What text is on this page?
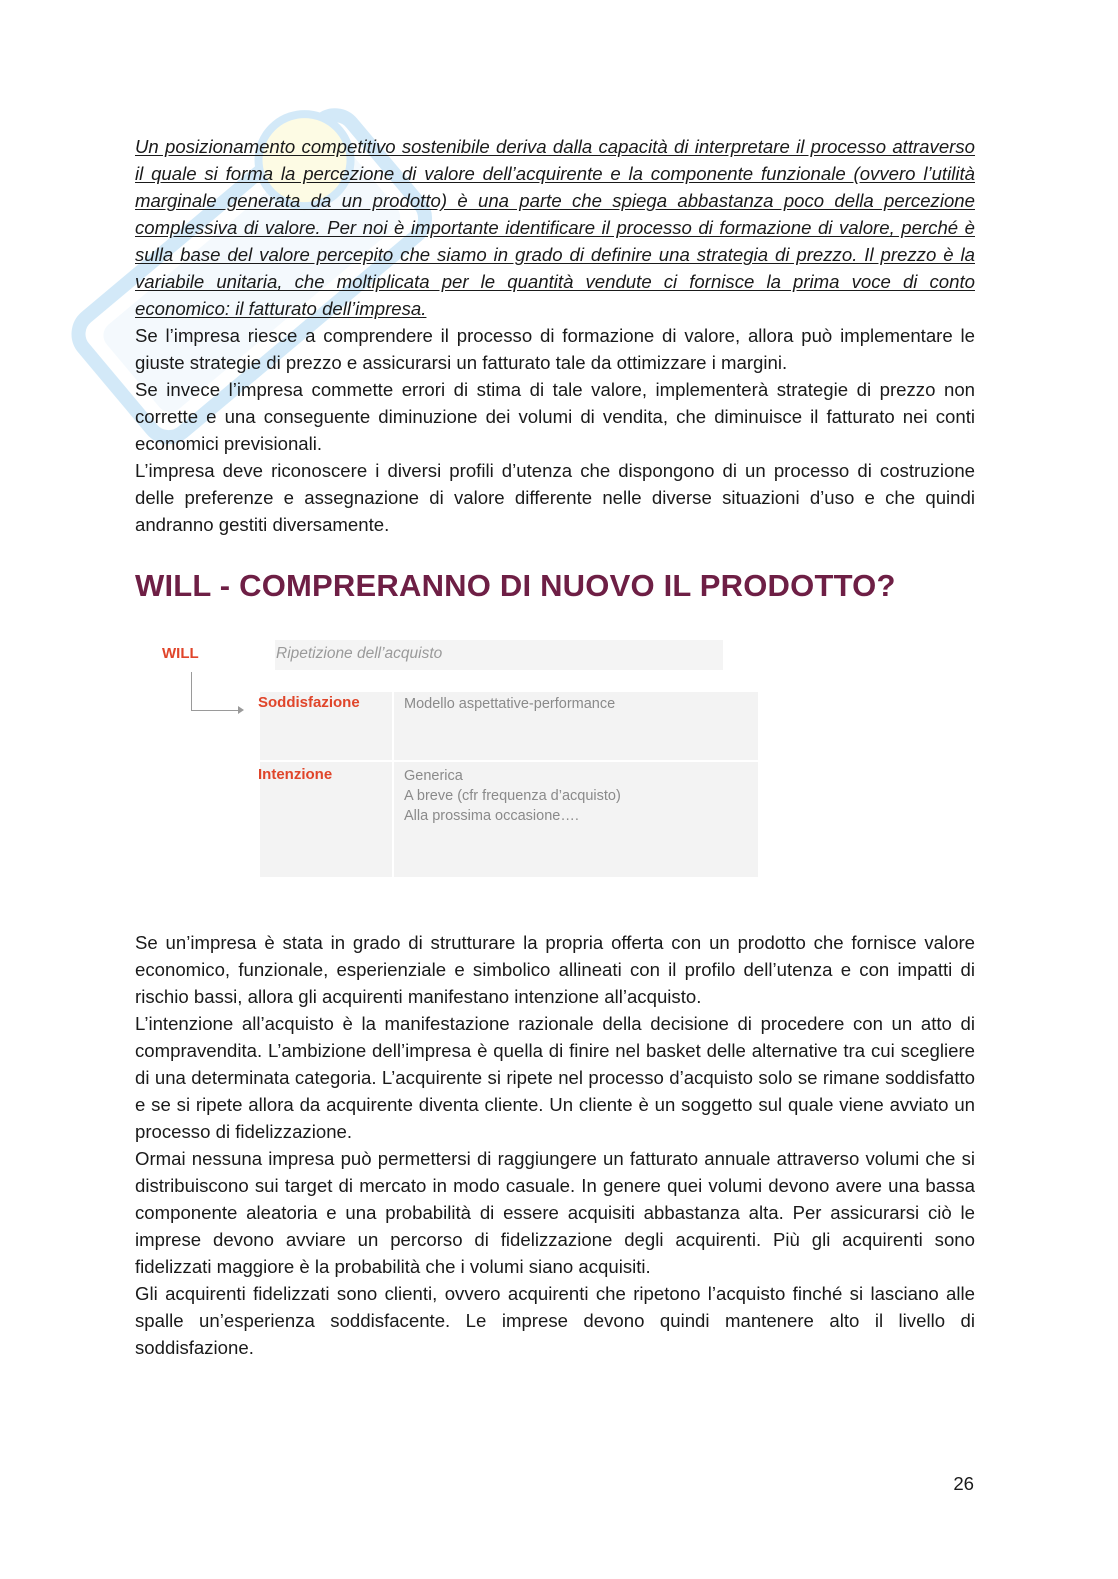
Un posizionamento competitivo sostenibile deriva dalla capacità di interpretare il processo attraverso il quale si forma la percezione di valore dell’acquirente e la componente funzionale (ovvero l’utilità marginale generata da un prodotto) è una parte che spiega abbastanza poco della percezione complessiva di valore. Per noi è importante identificare il processo di formazione di valore, perché è sulla base del valore percepito che siamo in grado di definire una strategia di prezzo. Il prezzo è la variabile unitaria, che moltiplicata per le quantità vendute ci fornisce la prima voce di conto economico: il fatturato dell’impresa.

Se l’impresa riesce a comprendere il processo di formazione di valore, allora può implementare le giuste strategie di prezzo e assicurarsi un fatturato tale da ottimizzare i margini.

Se invece l’impresa commette errori di stima di tale valore, implementerà strategie di prezzo non corrette e una conseguente diminuzione dei volumi di vendita, che diminuisce il fatturato nei conti economici previsionali.

L’impresa deve riconoscere i diversi profili d’utenza che dispongono di un processo di costruzione delle preferenze e assegnazione di valore differente nelle diverse situazioni d’uso e che quindi andranno gestiti diversamente.

WILL - COMPRERANNO DI NUOVO IL PRODOTTO?
WILL	Ripetizione dell’acquisto
Soddisfazione	Modello aspettative-performance
Intenzione	Generica
A breve (cfr frequenza d’acquisto)
Alla prossima occasione….

Se un’impresa è stata in grado di strutturare la propria offerta con un prodotto che fornisce valore economico, funzionale, esperienziale e simbolico allineati con il profilo dell’utenza e con impatti di rischio bassi, allora gli acquirenti manifestano intenzione all’acquisto.

L’intenzione all’acquisto è la manifestazione razionale della decisione di procedere con un atto di compravendita. L’ambizione dell’impresa è quella di finire nel basket delle alternative tra cui scegliere di una determinata categoria. L’acquirente si ripete nel processo d’acquisto solo se rimane soddisfatto e se si ripete allora da acquirente diventa cliente. Un cliente è un soggetto sul quale viene avviato un processo di fidelizzazione.

Ormai nessuna impresa può permettersi di raggiungere un fatturato annuale attraverso volumi che si distribuiscono sui target di mercato in modo casuale. In genere quei volumi devono avere una bassa componente aleatoria e una probabilità di essere acquisiti abbastanza alta. Per assicurarsi ciò le imprese devono avviare un percorso di fidelizzazione degli acquirenti. Più gli acquirenti sono fidelizzati maggiore è la probabilità che i volumi siano acquisiti.

Gli acquirenti fidelizzati sono clienti, ovvero acquirenti che ripetono l’acquisto finché si lasciano alle spalle un’esperienza soddisfacente. Le imprese devono quindi mantenere alto il livello di soddisfazione.

26
